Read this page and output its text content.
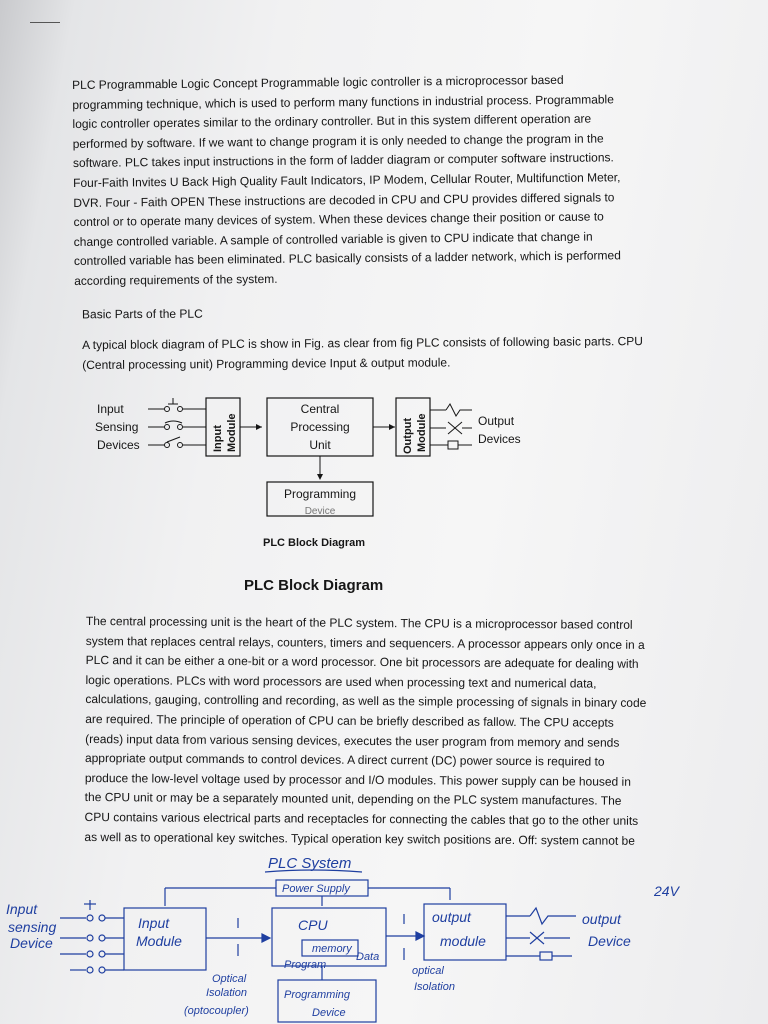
PLC Programmable Logic Concept Programmable logic controller is a microprocessor based
programming technique, which is used to perform many functions in industrial process. Programmable
logic controller operates similar to the ordinary controller. But in this system different operation are
performed by software. If we want to change program it is only needed to change the program in the
software. PLC takes input instructions in the form of ladder diagram or computer software instructions.
Four-Faith Invites U Back High Quality Fault Indicators, IP Modem, Cellular Router, Multifunction Meter,
DVR. Four - Faith OPEN These instructions are decoded in CPU and CPU provides differed signals to
control or to operate many devices of system. When these devices change their position or cause to
change controlled variable. A sample of controlled variable is given to CPU indicate that change in
controlled variable has been eliminated. PLC basically consists of a ladder network, which is performed
according requirements of the system.
Basic Parts of the PLC
A typical block diagram of PLC is show in Fig. as clear from fig PLC consists of following basic parts. CPU
(Central processing unit) Programming device Input & output module.
Input
Sensing
Devices	Input Module
Central
Processing
Unit	Output Module	Output
Devices
Programming
Device
PLC Block Diagram
PLC Block Diagram
The central processing unit is the heart of the PLC system. The CPU is a microprocessor based control
system that replaces central relays, counters, timers and sequencers. A processor appears only once in a
PLC and it can be either a one-bit or a word processor. One bit processors are adequate for dealing with
logic operations. PLCs with word processors are used when processing text and numerical data,
calculations, gauging, controlling and recording, as well as the simple processing of signals in binary code
are required. The principle of operation of CPU can be briefly described as fallow. The CPU accepts
(reads) input data from various sensing devices, executes the user program from memory and sends
appropriate output commands to control devices. A direct current (DC) power source is required to
produce the low-level voltage used by processor and I/O modules. This power supply can be housed in
the CPU unit or may be a separately mounted unit, depending on the PLC system manufactures. The
CPU contains various electrical parts and receptacles for connecting the cables that go to the other units
as well as to operational key switches. Typical operation key switch positions are. Off: system cannot be
PLC System
Power Supply	24V
CPU
Input
Module
output
module
output
Device
Input
sensing
Device	memory
Program
Data
Optical
Isolation
(optocoupler)
optical
Isolation
Programming
Device
